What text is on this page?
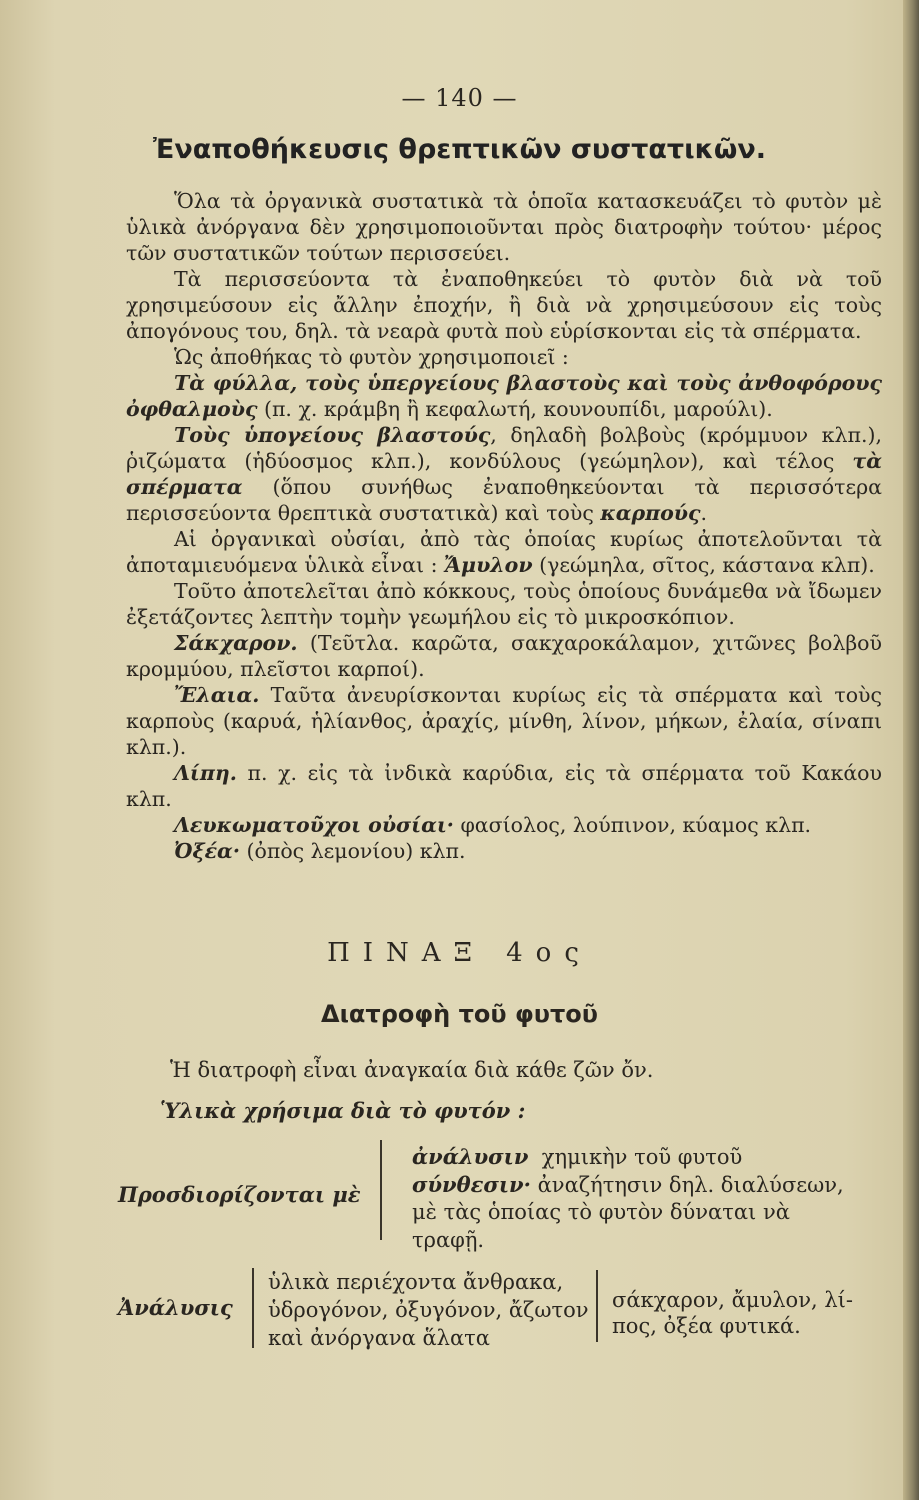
— 140 —
Ἐναποθήκευσις θρεπτικῶν συστατικῶν.

Ὅλα τὰ ὀργανικὰ συστατικὰ τὰ ὁποῖα κατασκευάζει τὸ φυτὸν μὲ ὑλικὰ ἀνόργανα δὲν χρησιμοποιοῦνται πρὸς διατροφὴν τούτου· μέρος τῶν συστατικῶν τούτων περισσεύει.

Τὰ περισσεύοντα τὰ ἐναποθηκεύει τὸ φυτὸν διὰ νὰ τοῦ χρησιμεύσουν εἰς ἄλλην ἐποχήν, ἢ διὰ νὰ χρησιμεύσουν εἰς τοὺς ἀπογόνους του, δηλ. τὰ νεαρὰ φυτὰ ποὺ εὑρίσκονται εἰς τὰ σπέρματα.

Ὡς ἀποθήκας τὸ φυτὸν χρησιμοποιεῖ :

Τὰ φύλλα, τοὺς ὑπεργείους βλαστοὺς καὶ τοὺς ἀνθοφόρους ὀφθαλμοὺς (π. χ. κράμβη ἢ κεφαλωτή, κουνουπίδι, μαρούλι).

Τοὺς ὑπογείους βλαστούς, δηλαδὴ βολβοὺς (κρόμμυον κλπ.), ῥιζώματα (ἡδύοσμος κλπ.), κονδύλους (γεώμηλον), καὶ τέλος τὰ σπέρματα (ὅπου συνήθως ἐναποθηκεύονται τὰ περισσότερα περισσεύοντα θρεπτικὰ συστατικὰ) καὶ τοὺς καρπούς.

Αἱ ὀργανικαὶ οὐσίαι, ἀπὸ τὰς ὁποίας κυρίως ἀποτελοῦνται τὰ ἀποταμιευόμενα ὑλικὰ εἶναι : Ἄμυλον (γεώμηλα, σῖτος, κάστανα κλπ).

Τοῦτο ἀποτελεῖται ἀπὸ κόκκους, τοὺς ὁποίους δυνάμεθα νὰ ἴδωμεν ἐξετάζοντες λεπτὴν τομὴν γεωμήλου εἰς τὸ μικροσκόπιον.

Σάκχαρον. (Τεῦτλα. καρῶτα, σακχαροκάλαμον, χιτῶνες βολβοῦ κρομμύου, πλεῖστοι καρποί).

Ἔλαια. Ταῦτα ἀνευρίσκονται κυρίως εἰς τὰ σπέρματα καὶ τοὺς καρποὺς (καρυά, ἡλίανθος, ἀραχίς, μίνθη, λίνον, μήκων, ἐλαία, σίναπι κλπ.).

Λίπη. π. χ. εἰς τὰ ἰνδικὰ καρύδια, εἰς τὰ σπέρματα τοῦ Κακάου κλπ.

Λευκωματοῦχοι οὐσίαι· φασίολος, λούπινον, κύαμος κλπ.

Ὀξέα· (ὀπὸς λεμονίου) κλπ.

ΠΙΝΑΞ 4ος
Διατροφὴ τοῦ φυτοῦ
Ἡ διατροφὴ εἶναι ἀναγκαία διὰ κάθε ζῶν ὄν.
Ὑλικὰ χρήσιμα διὰ τὸ φυτόν :
Προσδιορίζονται μὲ
ἀνάλυσιν χημικὴν τοῦ φυτοῦ
σύνθεσιν· ἀναζήτησιν δηλ. διαλύσεων,
μὲ τὰς ὁποίας τὸ φυτὸν δύναται νὰ
τραφῇ.
Ἀνάλυσις
ὑλικὰ περιέχοντα ἄνθρακα,
ὑδρογόνον, ὀξυγόνον, ἄζωτον
καὶ ἀνόργανα ἅλατα
σάκχαρον, ἄμυλον, λί-
πος, ὀξέα φυτικά.
